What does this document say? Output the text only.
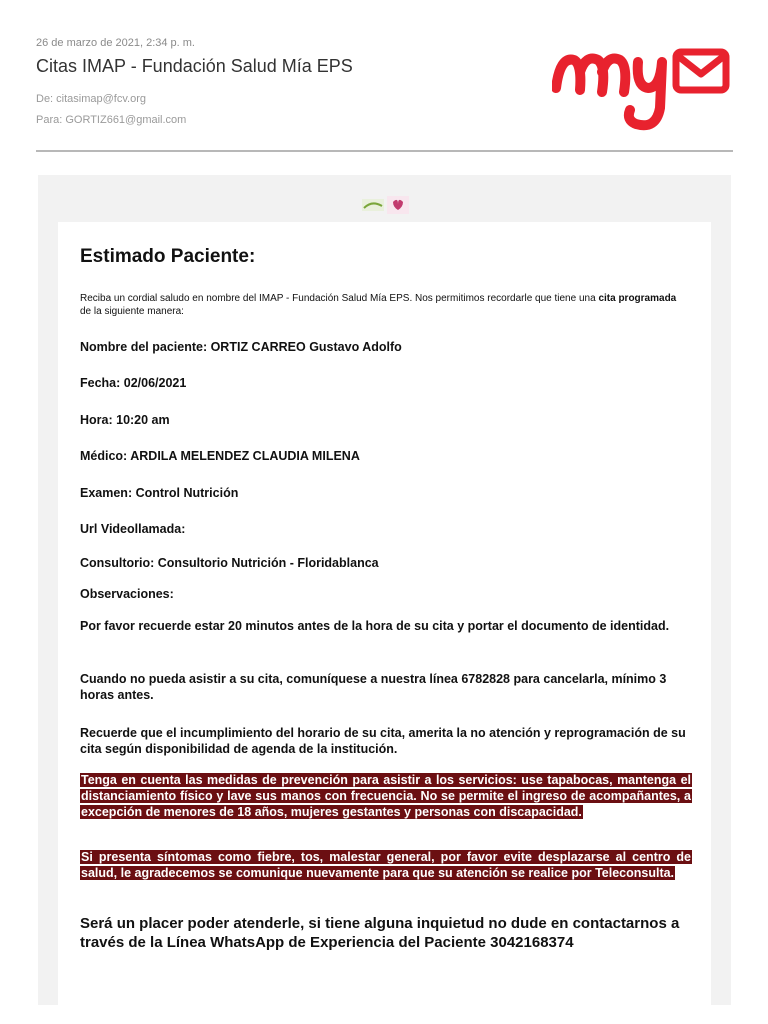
26 de marzo de 2021, 2:34 p. m.
Citas IMAP - Fundación Salud Mía EPS
De: citasimap@fcv.org
Para: GORTIZ661@gmail.com
Estimado Paciente:

Reciba un cordial saludo en nombre del IMAP - Fundación Salud Mía EPS. Nos permitimos recordarle que tiene una cita programada de la siguiente manera:

Nombre del paciente: ORTIZ CARREO Gustavo Adolfo

Fecha: 02/06/2021

Hora: 10:20 am

Médico: ARDILA MELENDEZ CLAUDIA MILENA

Examen: Control Nutrición

Url Videollamada:

Consultorio: Consultorio Nutrición - Floridablanca

Observaciones:

Por favor recuerde estar 20 minutos antes de la hora de su cita y portar el documento de identidad.

Cuando no pueda asistir a su cita, comuníquese a nuestra línea 6782828 para cancelarla, mínimo 3 horas antes.

Recuerde que el incumplimiento del horario de su cita, amerita la no atención y reprogramación de su cita según disponibilidad de agenda de la institución.

Tenga en cuenta las medidas de prevención para asistir a los servicios: use tapabocas, mantenga el distanciamiento físico y lave sus manos con frecuencia. No se permite el ingreso de acompañantes, a excepción de menores de 18 años, mujeres gestantes y personas con discapacidad.

Si presenta síntomas como fiebre, tos, malestar general, por favor evite desplazarse al centro de salud, le agradecemos se comunique nuevamente para que su atención se realice por Teleconsulta.

Será un placer poder atenderle, si tiene alguna inquietud no dude en contactarnos a través de la Línea WhatsApp de Experiencia del Paciente 3042168374
